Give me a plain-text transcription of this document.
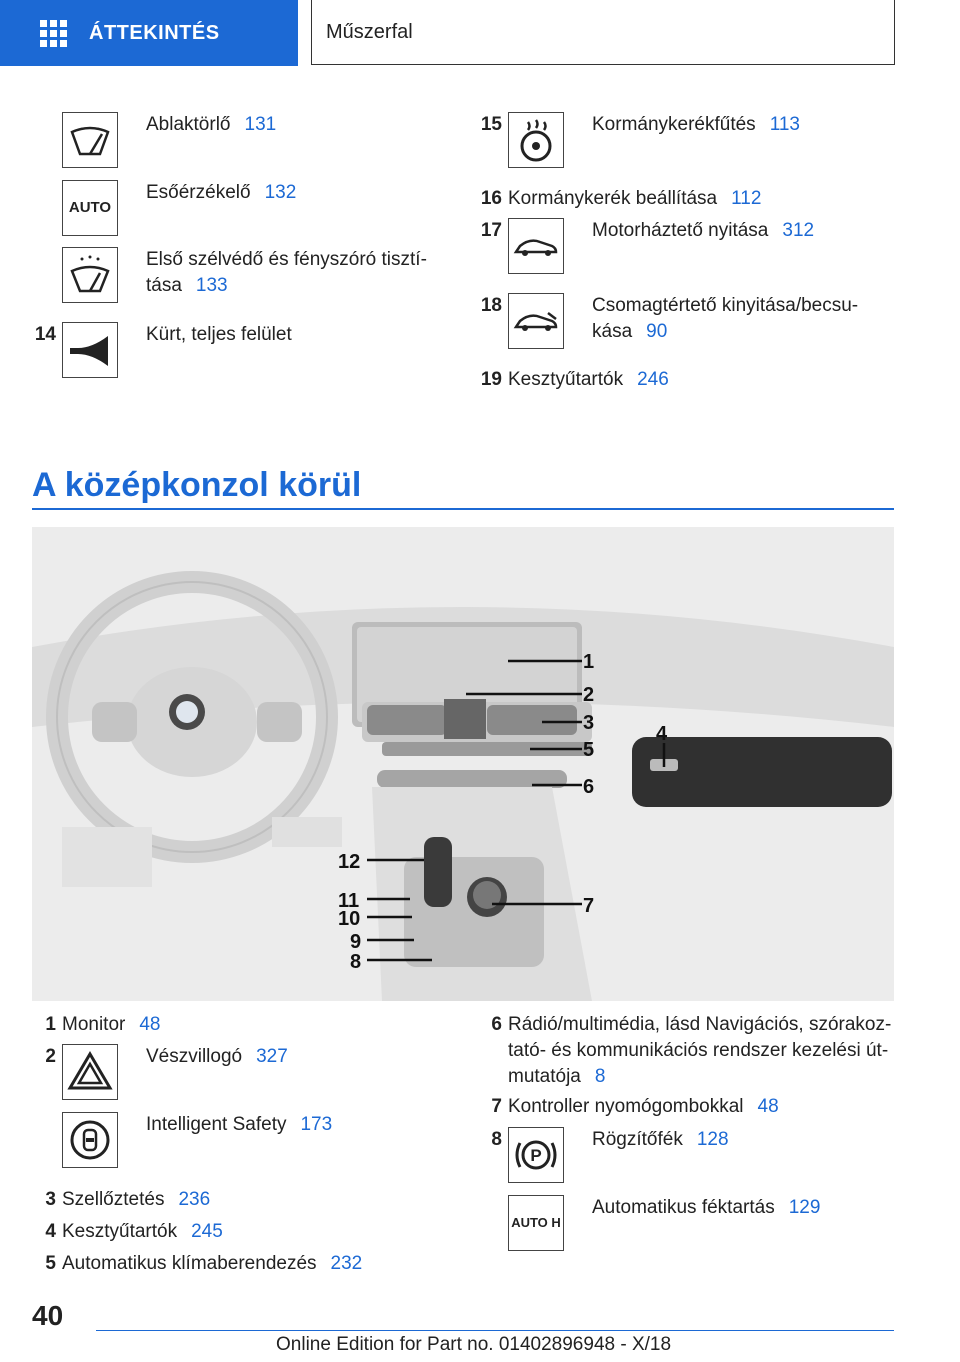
ÁTTEKINTÉS	Műszerfal
Ablaktörlő 131
AUTO
Esőérzékelő 132
Első szélvédő és fényszóró tisztí-
tása 133
14	Kürt, teljes felület
15	Kormánykerékfűtés 113
16 Kormánykerék beállítása 112
17	Motorháztető nyitása 312
18	Csomagtértető kinyitása/becsu-
kása 90
19 Kesztyűtartók 246
A középkonzol körül
1
2
3	4
5
6
7
8
9
10
11
12
1 Monitor 48
2	Vészvillogó 327
Intelligent Safety 173
3 Szellőztetés 236
4 Kesztyűtartók 245
5 Automatikus klímaberendezés 232
6 Rádió/multimédia, lásd Navigációs, szórakoz-
tató- és kommunikációs rendszer kezelési út-
mutatója 8
7 Kontroller nyomógombokkal 48
8
P
Rögzítőfék 128
AUTO H
Automatikus féktartás 129
40
Online Edition for Part no. 01402896948 - X/18
